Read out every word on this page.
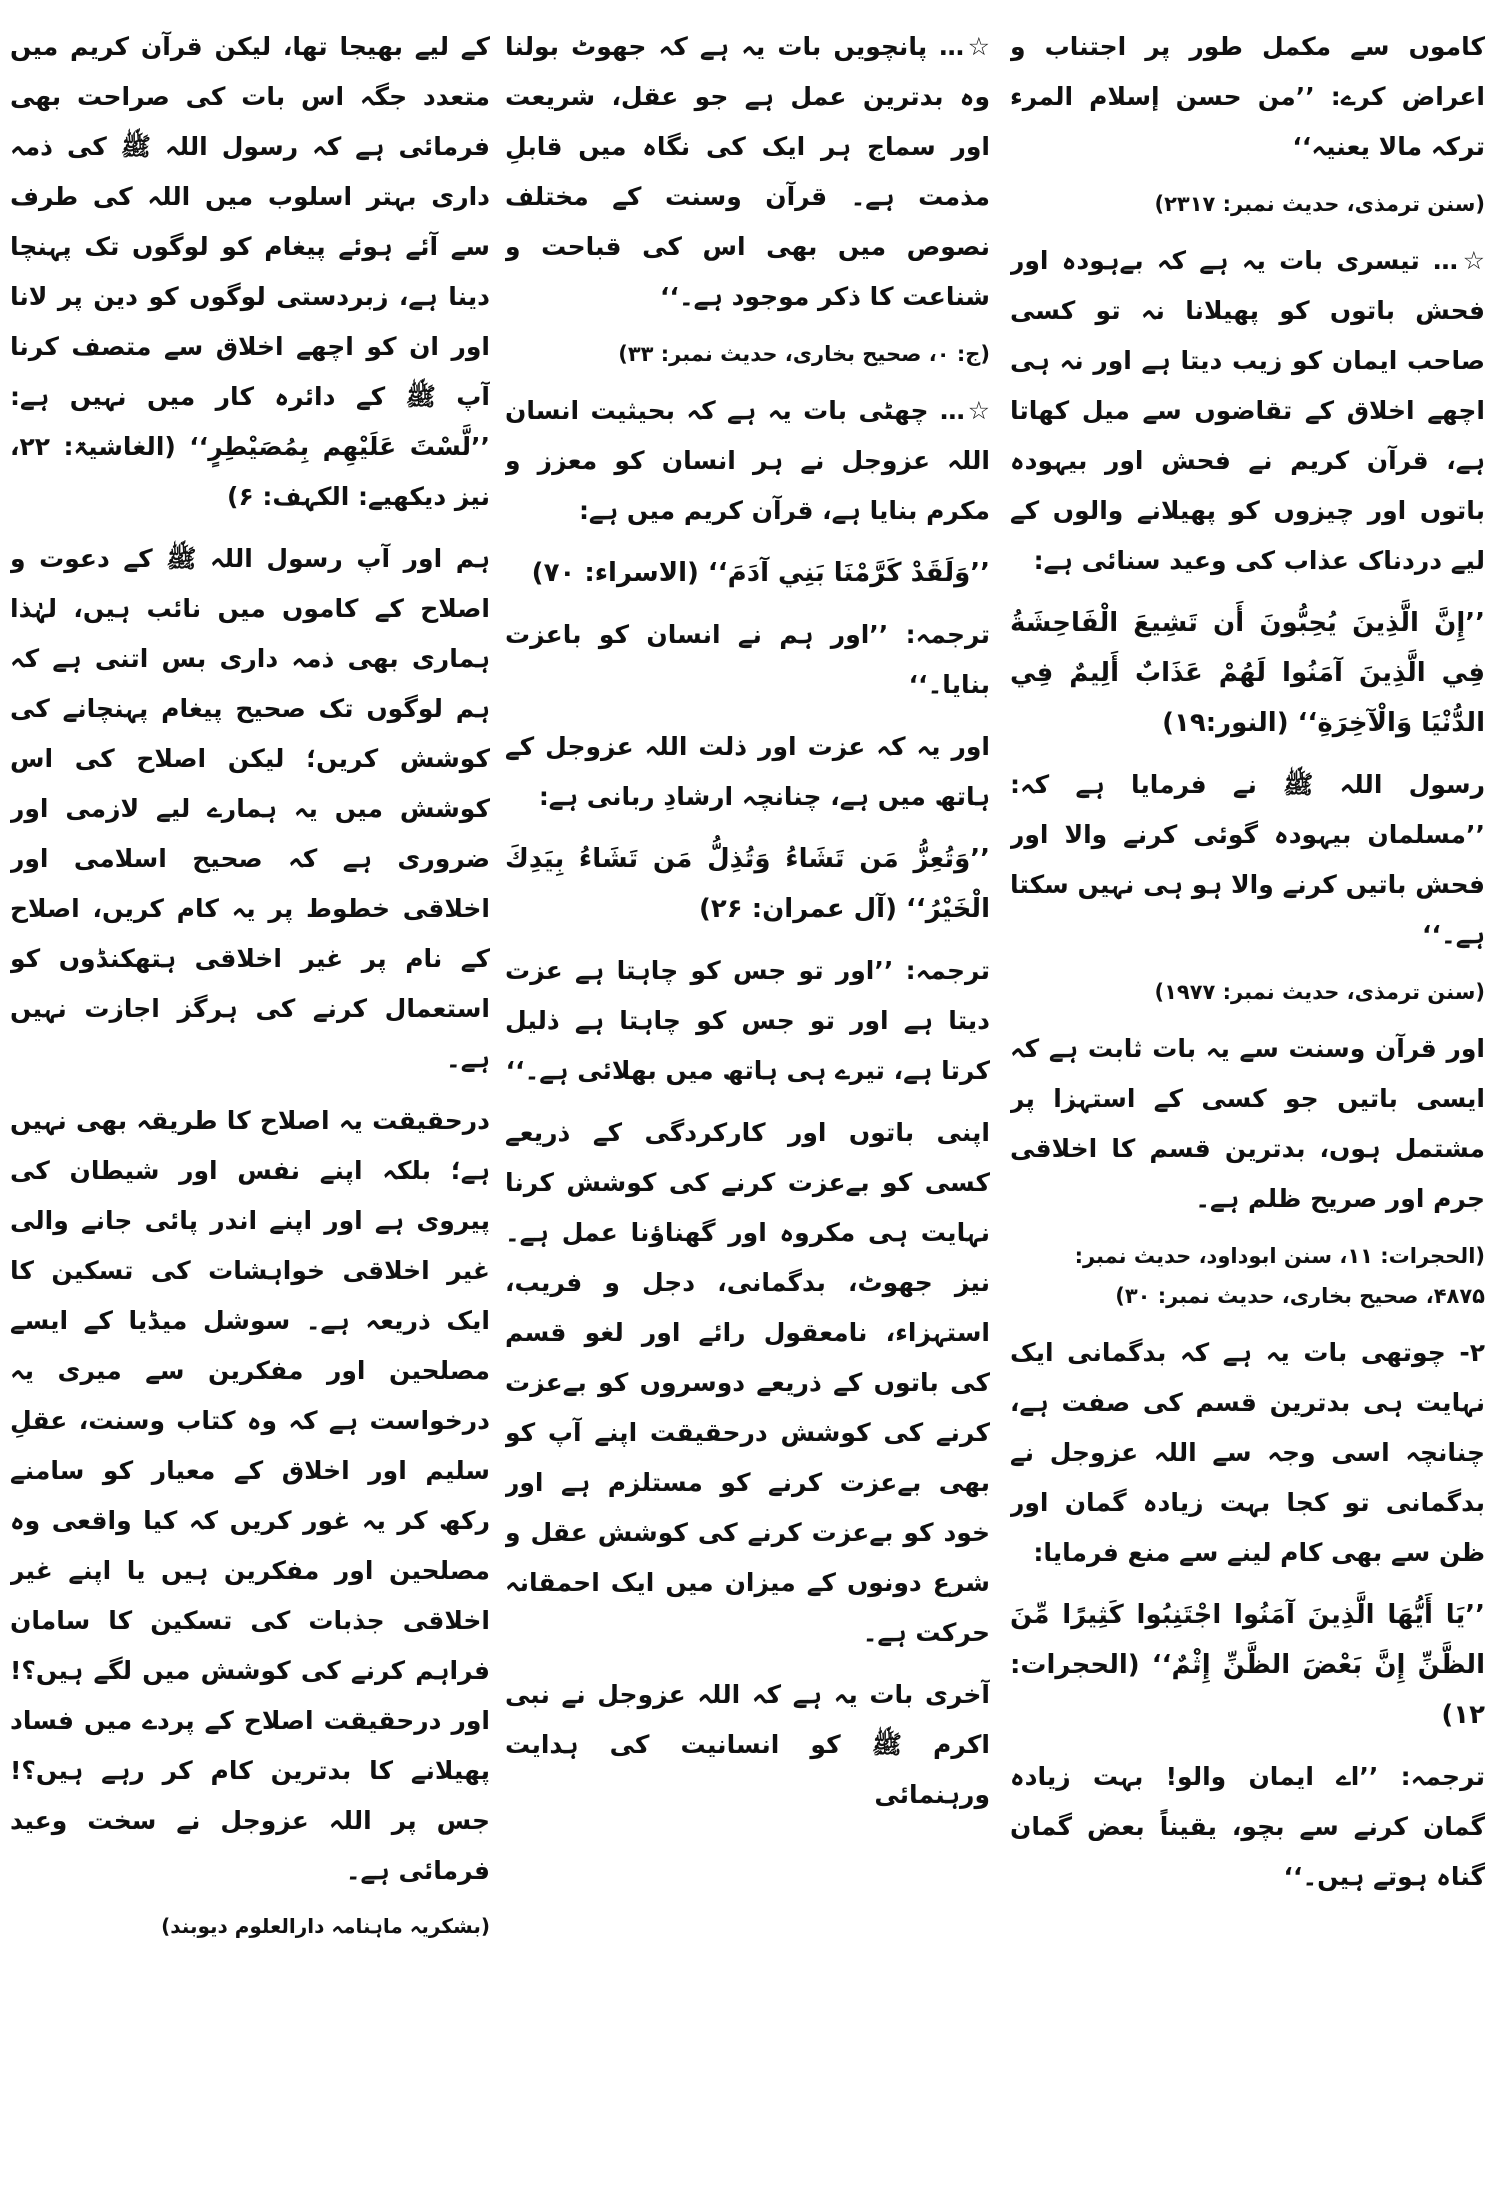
کاموں سے مکمل طور پر اجتناب و اعراض کرے: ’’من حسن إسلام المرء ترکہ مالا یعنیہ‘‘

(سنن ترمذی، حدیث نمبر: ۲۳۱۷)

☆… تیسری بات یہ ہے کہ بےہودہ اور فحش باتوں کو پھیلانا نہ تو کسی صاحب ایمان کو زیب دیتا ہے اور نہ ہی اچھے اخلاق کے تقاضوں سے میل کھاتا ہے، قرآن کریم نے فحش اور بیہودہ باتوں اور چیزوں کو پھیلانے والوں کے لیے دردناک عذاب کی وعید سنائی ہے:

’’إِنَّ الَّذِينَ يُحِبُّونَ أَن تَشِيعَ الْفَاحِشَةُ فِي الَّذِينَ آمَنُوا لَهُمْ عَذَابٌ أَلِيمٌ فِي الدُّنْيَا وَالْآخِرَةِ‘‘ (النور:۱۹)

رسول اللہ ﷺ نے فرمایا ہے کہ: ’’مسلمان بیہودہ گوئی کرنے والا اور فحش باتیں کرنے والا ہو ہی نہیں سکتا ہے۔‘‘

(سنن ترمذی، حدیث نمبر: ۱۹۷۷)

اور قرآن وسنت سے یہ بات ثابت ہے کہ ایسی باتیں جو کسی کے استہزا پر مشتمل ہوں، بدترین قسم کا اخلاقی جرم اور صریح ظلم ہے۔

(الحجرات: ۱۱، سنن ابوداود، حدیث نمبر: ۴۸۷۵، صحیح بخاری، حدیث نمبر: ۳۰)

۲- چوتھی بات یہ ہے کہ بدگمانی ایک نہایت ہی بدترین قسم کی صفت ہے، چنانچہ اسی وجہ سے اللہ عزوجل نے بدگمانی تو کجا بہت زیادہ گمان اور ظن سے بھی کام لینے سے منع فرمایا:

’’يَا أَيُّهَا الَّذِينَ آمَنُوا اجْتَنِبُوا كَثِيرًا مِّنَ الظَّنِّ إِنَّ بَعْضَ الظَّنِّ إِثْمٌ‘‘ (الحجرات: ۱۲)

ترجمہ: ’’اے ایمان والو! بہت زیادہ گمان کرنے سے بچو، یقیناً بعض گمان گناہ ہوتے ہیں۔‘‘

☆… پانچویں بات یہ ہے کہ جھوٹ بولنا وہ بدترین عمل ہے جو عقل، شریعت اور سماج ہر ایک کی نگاہ میں قابلِ مذمت ہے۔ قرآن وسنت کے مختلف نصوص میں بھی اس کی قباحت و شناعت کا ذکر موجود ہے۔‘‘

(ج: ۰، صحیح بخاری، حدیث نمبر: ۳۳)

☆… چھٹی بات یہ ہے کہ بحیثیت انسان اللہ عزوجل نے ہر انسان کو معزز و مکرم بنایا ہے، قرآن کریم میں ہے:

’’وَلَقَدْ كَرَّمْنَا بَنِي آدَمَ‘‘ (الاسراء: ۷۰)

ترجمہ: ’’اور ہم نے انسان کو باعزت بنایا۔‘‘

اور یہ کہ عزت اور ذلت اللہ عزوجل کے ہاتھ میں ہے، چنانچہ ارشادِ ربانی ہے:

’’وَتُعِزُّ مَن تَشَاءُ وَتُذِلُّ مَن تَشَاءُ بِيَدِكَ الْخَيْرُ‘‘ (آل عمران: ۲۶)

ترجمہ: ’’اور تو جس کو چاہتا ہے عزت دیتا ہے اور تو جس کو چاہتا ہے ذلیل کرتا ہے، تیرے ہی ہاتھ میں بھلائی ہے۔‘‘

اپنی باتوں اور کارکردگی کے ذریعے کسی کو بےعزت کرنے کی کوشش کرنا نہایت ہی مکروہ اور گھناؤنا عمل ہے۔ نیز جھوٹ، بدگمانی، دجل و فریب، استہزاء، نامعقول رائے اور لغو قسم کی باتوں کے ذریعے دوسروں کو بےعزت کرنے کی کوشش درحقیقت اپنے آپ کو بھی بےعزت کرنے کو مستلزم ہے اور خود کو بےعزت کرنے کی کوشش عقل و شرع دونوں کے میزان میں ایک احمقانہ حرکت ہے۔

آخری بات یہ ہے کہ اللہ عزوجل نے نبی اکرم ﷺ کو انسانیت کی ہدایت ورہنمائی

کے لیے بھیجا تھا، لیکن قرآن کریم میں متعدد جگہ اس بات کی صراحت بھی فرمائی ہے کہ رسول اللہ ﷺ کی ذمہ داری بہتر اسلوب میں اللہ کی طرف سے آئے ہوئے پیغام کو لوگوں تک پہنچا دینا ہے، زبردستی لوگوں کو دین پر لانا اور ان کو اچھے اخلاق سے متصف کرنا آپ ﷺ کے دائرہ کار میں نہیں ہے: ’’لَّسْتَ عَلَيْهِم بِمُصَيْطِرٍ‘‘ (الغاشیۃ: ۲۲، نیز دیکھیے: الکہف: ۶)

ہم اور آپ رسول اللہ ﷺ کے دعوت و اصلاح کے کاموں میں نائب ہیں، لہٰذا ہماری بھی ذمہ داری بس اتنی ہے کہ ہم لوگوں تک صحیح پیغام پہنچانے کی کوشش کریں؛ لیکن اصلاح کی اس کوشش میں یہ ہمارے لیے لازمی اور ضروری ہے کہ صحیح اسلامی اور اخلاقی خطوط پر یہ کام کریں، اصلاح کے نام پر غیر اخلاقی ہتھکنڈوں کو استعمال کرنے کی ہرگز اجازت نہیں ہے۔

درحقیقت یہ اصلاح کا طریقہ بھی نہیں ہے؛ بلکہ اپنے نفس اور شیطان کی پیروی ہے اور اپنے اندر پائی جانے والی غیر اخلاقی خواہشات کی تسکین کا ایک ذریعہ ہے۔ سوشل میڈیا کے ایسے مصلحین اور مفکرین سے میری یہ درخواست ہے کہ وہ کتاب وسنت، عقلِ سلیم اور اخلاق کے معیار کو سامنے رکھ کر یہ غور کریں کہ کیا واقعی وہ مصلحین اور مفکرین ہیں یا اپنے غیر اخلاقی جذبات کی تسکین کا سامان فراہم کرنے کی کوشش میں لگے ہیں؟! اور درحقیقت اصلاح کے پردے میں فساد پھیلانے کا بدترین کام کر رہے ہیں؟! جس پر اللہ عزوجل نے سخت وعید فرمائی ہے۔

(بشکریہ ماہنامہ دارالعلوم دیوبند)
